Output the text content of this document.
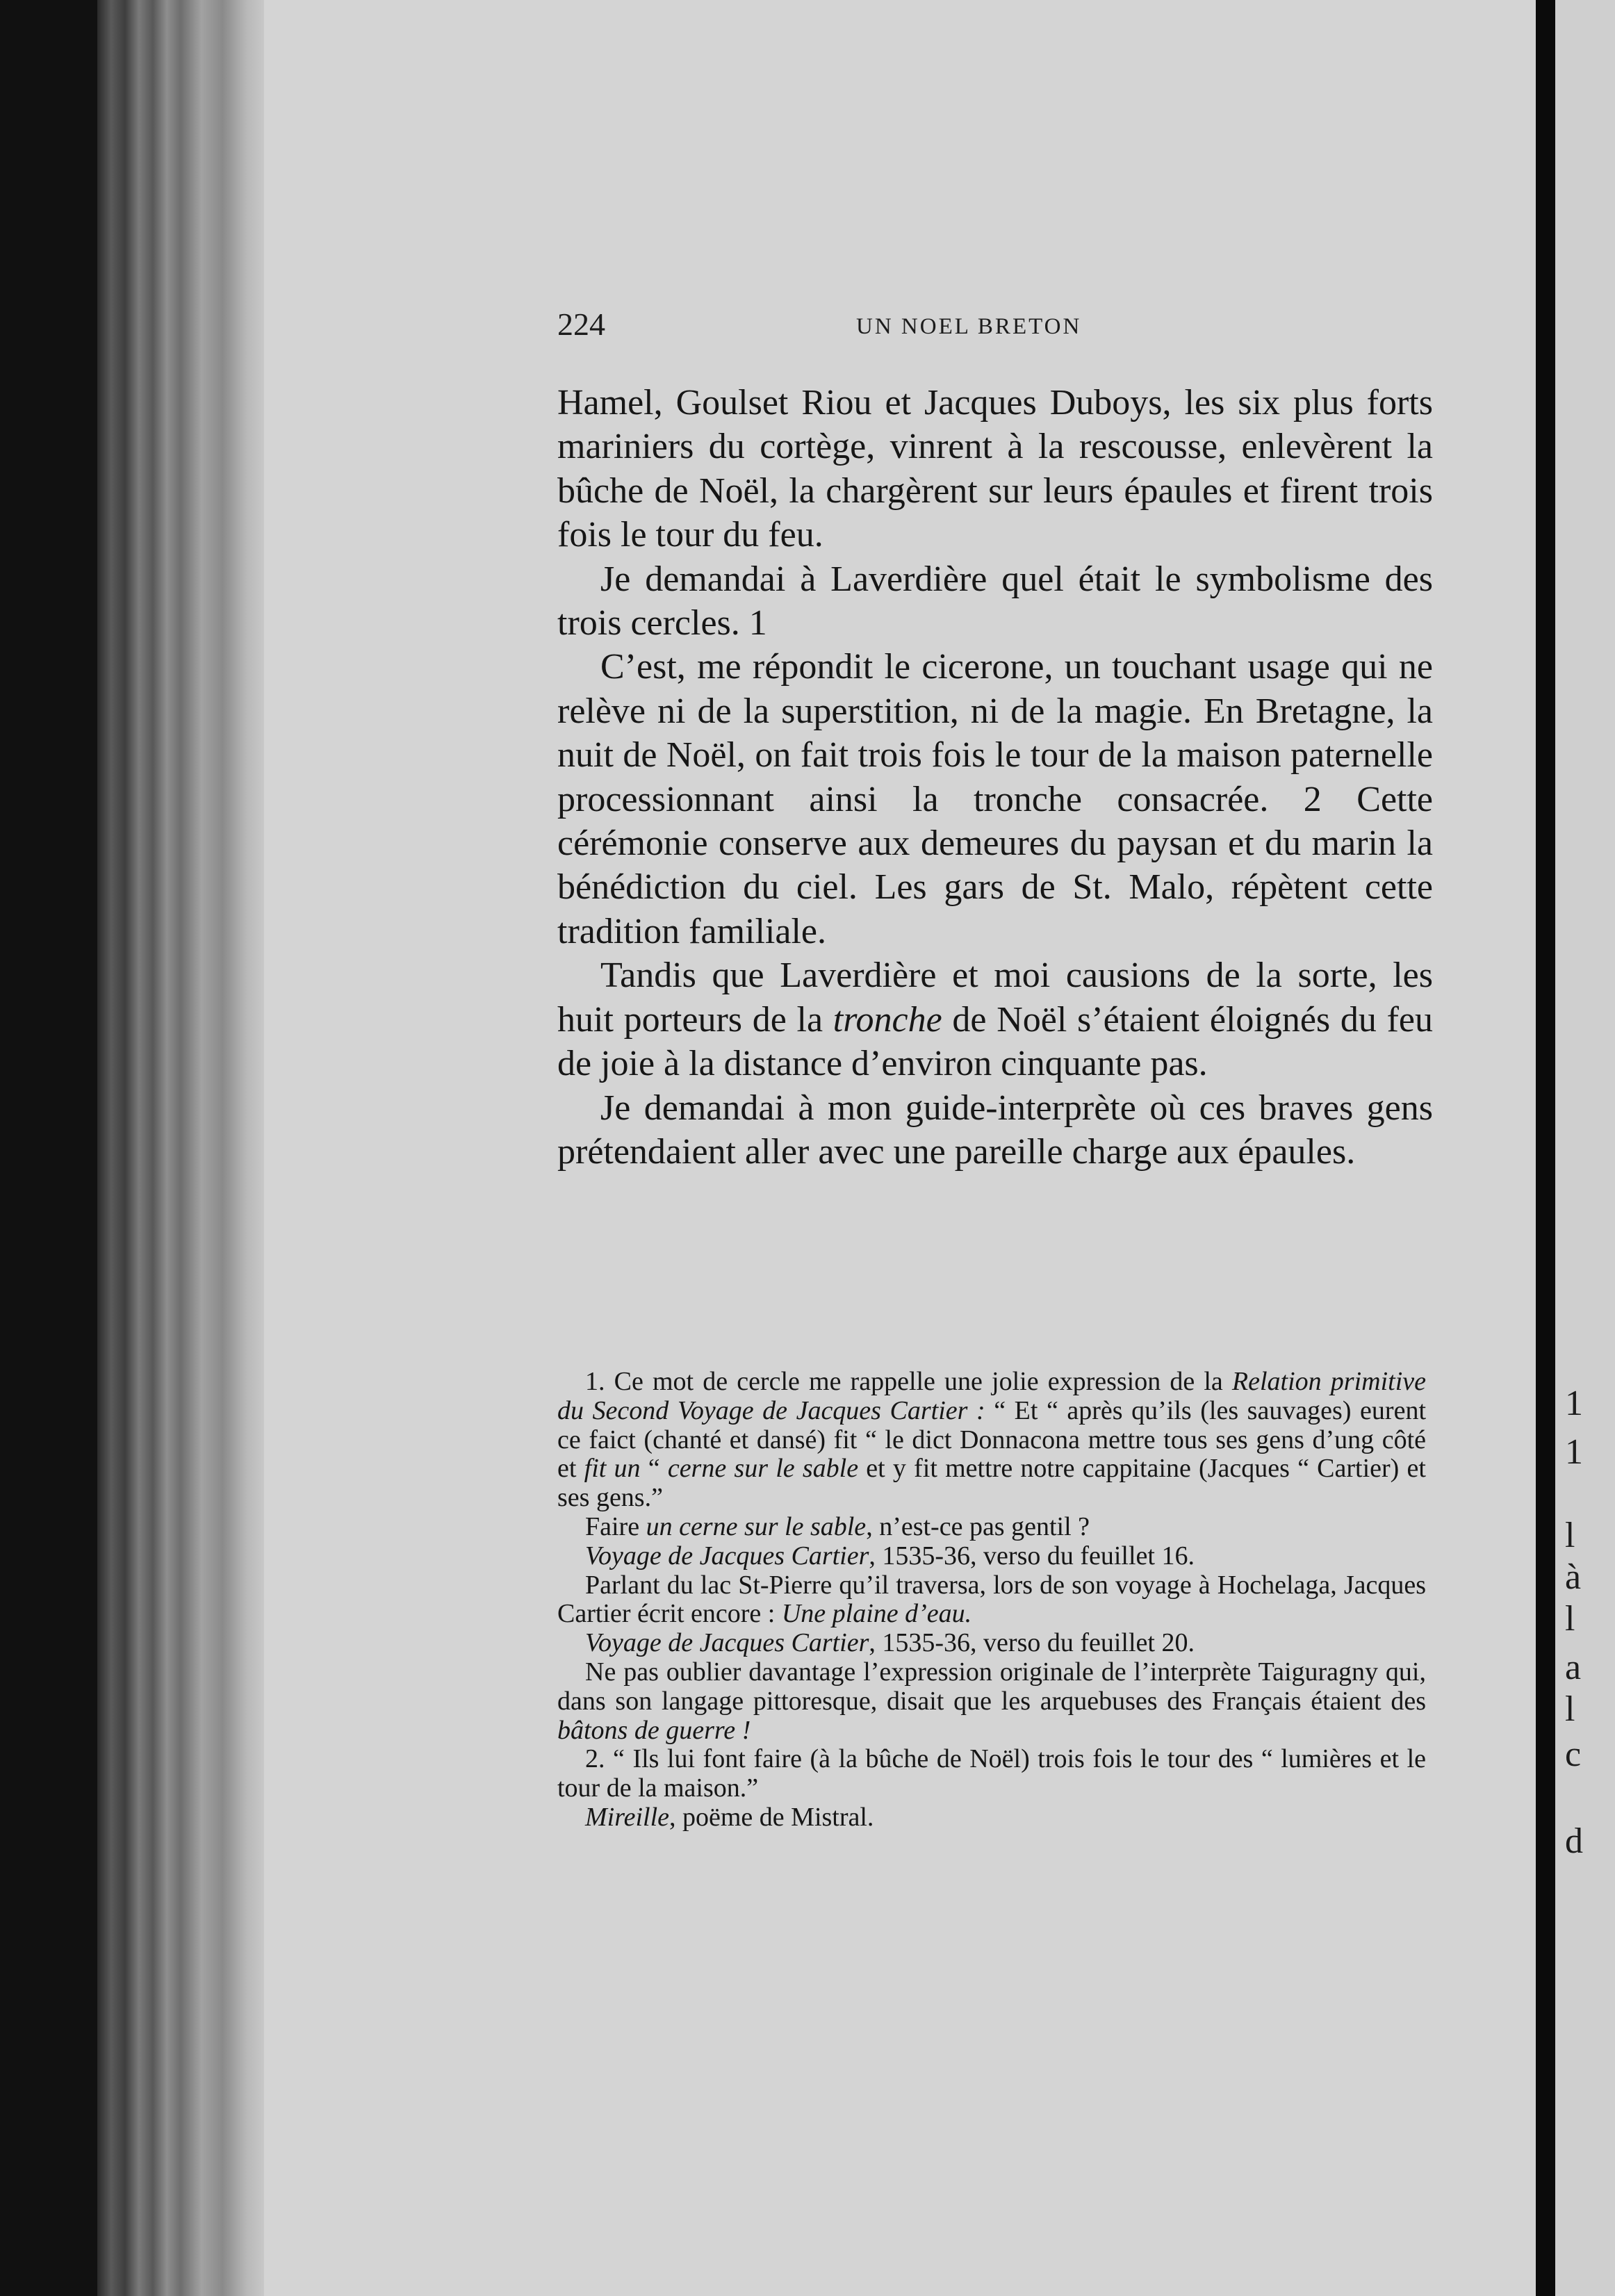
224	UN NOEL BRETON

Hamel, Goulset Riou et Jacques Duboys, les six plus forts mariniers du cortège, vinrent à la rescousse, enlevèrent la bûche de Noël, la chargèrent sur leurs épaules et firent trois fois le tour du feu.

Je demandai à Laverdière quel était le symbolisme des trois cercles. 1

C’est, me répondit le cicerone, un touchant usage qui ne relève ni de la superstition, ni de la magie. En Bretagne, la nuit de Noël, on fait trois fois le tour de la maison paternelle processionnant ainsi la tronche consacrée. 2 Cette cérémonie conserve aux demeures du paysan et du marin la bénédiction du ciel. Les gars de St. Malo, répètent cette tradition familiale.

Tandis que Laverdière et moi causions de la sorte, les huit porteurs de la tronche de Noël s’étaient éloignés du feu de joie à la distance d’environ cinquante pas.

Je demandai à mon guide-interprète où ces braves gens prétendaient aller avec une pareille charge aux épaules.

1. Ce mot de cercle me rappelle une jolie expression de la Relation primitive du Second Voyage de Jacques Cartier : “ Et “ après qu’ils (les sauvages) eurent ce faict (chanté et dansé) fit “ le dict Donnacona mettre tous ses gens d’ung côté et fit un “ cerne sur le sable et y fit mettre notre cappitaine (Jacques “ Cartier) et ses gens.”

Faire un cerne sur le sable, n’est-ce pas gentil ?

Voyage de Jacques Cartier, 1535-36, verso du feuillet 16.

Parlant du lac St-Pierre qu’il traversa, lors de son voyage à Hochelaga, Jacques Cartier écrit encore : Une plaine d’eau.

Voyage de Jacques Cartier, 1535-36, verso du feuillet 20.

Ne pas oublier davantage l’expression originale de l’interprète Taiguragny qui, dans son langage pittoresque, disait que les arquebuses des Français étaient des bâtons de guerre !

2. “ Ils lui font faire (à la bûche de Noël) trois fois le tour des “ lumières et le tour de la maison.”

Mireille, poëme de Mistral.

1
1
l
à
l
a
l
c
d
